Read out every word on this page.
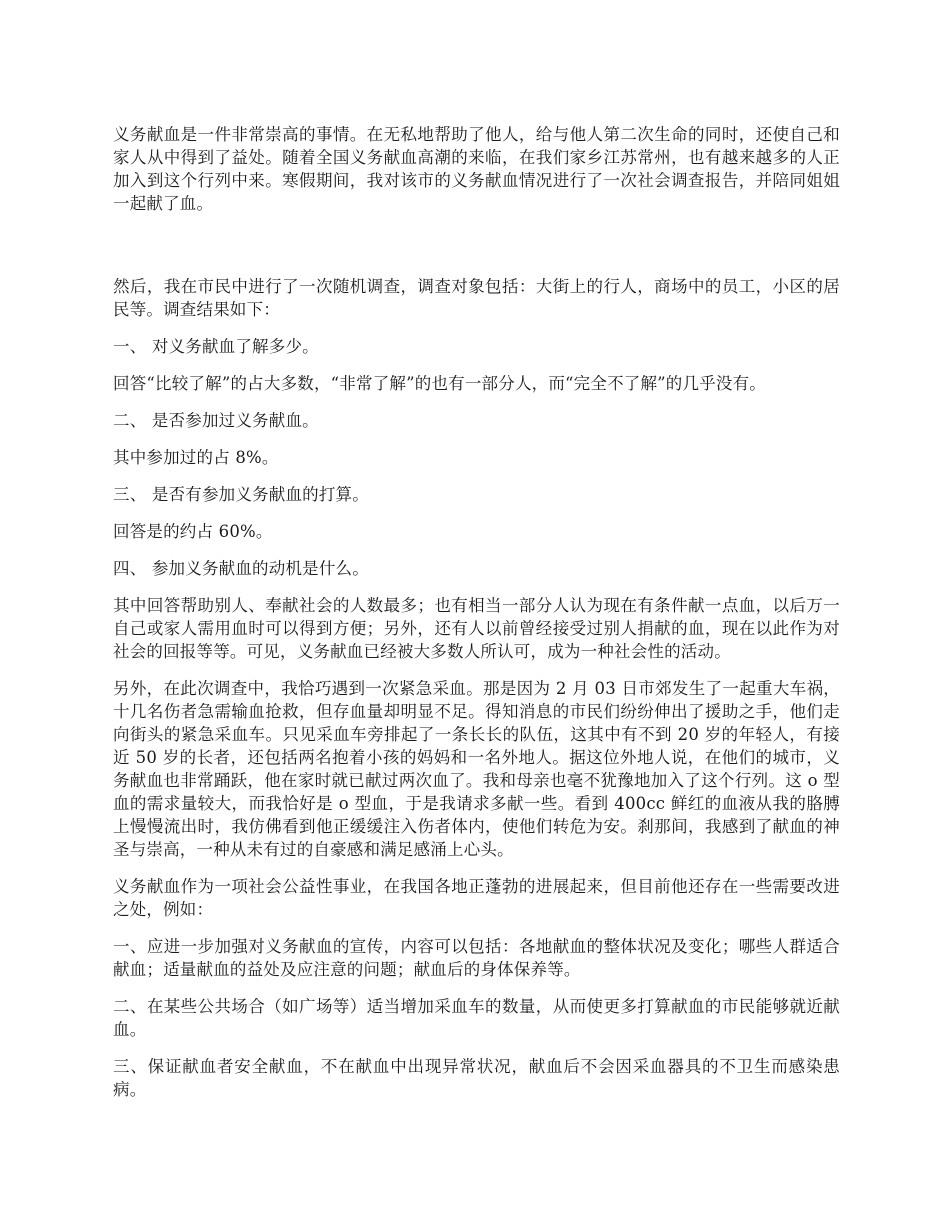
义务献血是一件非常崇高的事情。在无私地帮助了他人，给与他人第二次生命的同时，还使自己和家人从中得到了益处。随着全国义务献血高潮的来临，在我们家乡江苏常州，也有越来越多的人正加入到这个行列中来。寒假期间，我对该市的义务献血情况进行了一次社会调查报告，并陪同姐姐一起献了血。

然后，我在市民中进行了一次随机调查，调查对象包括：大街上的行人，商场中的员工，小区的居民等。调查结果如下：

一、 对义务献血了解多少。

回答“比较了解”的占大多数，“非常了解”的也有一部分人，而“完全不了解”的几乎没有。

二、 是否参加过义务献血。

其中参加过的占 8%。

三、 是否有参加义务献血的打算。

回答是的约占 60%。

四、 参加义务献血的动机是什么。

其中回答帮助别人、奉献社会的人数最多；也有相当一部分人认为现在有条件献一点血，以后万一自己或家人需用血时可以得到方便；另外，还有人以前曾经接受过别人捐献的血，现在以此作为对社会的回报等等。可见，义务献血已经被大多数人所认可，成为一种社会性的活动。

另外，在此次调查中，我恰巧遇到一次紧急采血。那是因为 2 月 03 日市郊发生了一起重大车祸，十几名伤者急需输血抢救，但存血量却明显不足。得知消息的市民们纷纷伸出了援助之手，他们走向街头的紧急采血车。只见采血车旁排起了一条长长的队伍，这其中有不到 20 岁的年轻人，有接近 50 岁的长者，还包括两名抱着小孩的妈妈和一名外地人。据这位外地人说，在他们的城市，义务献血也非常踊跃，他在家时就已献过两次血了。我和母亲也毫不犹豫地加入了这个行列。这 o 型血的需求量较大，而我恰好是 o 型血，于是我请求多献一些。看到 400cc 鲜红的血液从我的胳膊上慢慢流出时，我仿佛看到他正缓缓注入伤者体内，使他们转危为安。刹那间，我感到了献血的神圣与崇高，一种从未有过的自豪感和满足感涌上心头。

义务献血作为一项社会公益性事业，在我国各地正蓬勃的进展起来，但目前他还存在一些需要改进之处，例如：

一、应进一步加强对义务献血的宣传，内容可以包括：各地献血的整体状况及变化；哪些人群适合献血；适量献血的益处及应注意的问题；献血后的身体保养等。

二、在某些公共场合（如广场等）适当增加采血车的数量，从而使更多打算献血的市民能够就近献血。

三、保证献血者安全献血，不在献血中出现异常状况，献血后不会因采血器具的不卫生而感染患病。
